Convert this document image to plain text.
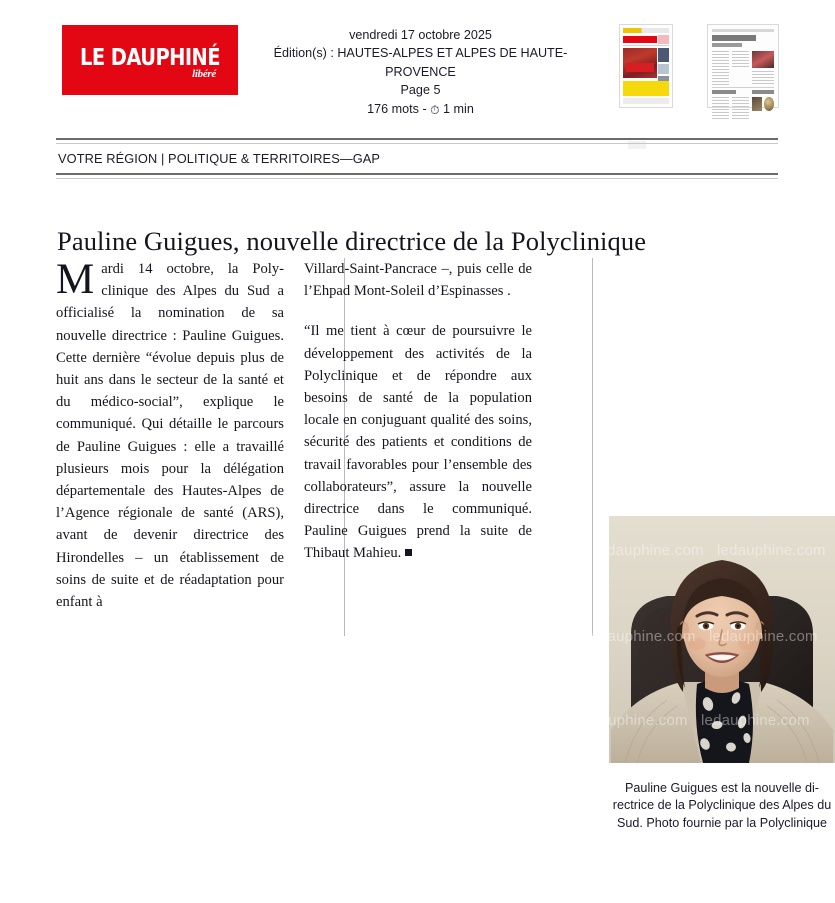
LE DAUPHINÉ
libéré
vendredi 17 octobre 2025
Édition(s) : HAUTES-ALPES ET ALPES DE HAUTE-PROVENCE
Page 5
176 mots - ⏱ 1 min
VOTRE RÉGION | POLITIQUE & TERRITOIRES—GAP
Pauline Guigues, nouvelle directrice de la Polyclinique

Mardi 14 octobre, la Polyclinique des Alpes du Sud a officialisé la nomination de sa nouvelle directrice : Pauline Guigues. Cette dernière “évolue depuis plus de huit ans dans le secteur de la santé et du médico-social”, explique le communiqué. Qui détaille le parcours de Pauline Guigues : elle a travaillé plusieurs mois pour la délégation départementale des Hautes-Alpes de l’Agence régionale de santé (ARS), avant de devenir directrice des Hirondelles – un établissement de soins de suite et de réadaptation pour enfant à

Villard-Saint-Pancrace –, puis celle de l’Ehpad Mont-Soleil d’Espinasses .

“Il me tient à cœur de poursuivre le développement des activités de la Polyclinique et de répondre aux besoins de santé de la population locale en conjuguant qualité des soins, sécurité des patients et conditions de travail favorables pour l’ensemble des collaborateurs”, assure la nouvelle directrice dans le communiqué. Pauline Guigues prend la suite de Thibaut Mahieu.	ledauphine.com ledauphine.com
ledauphine.com ledauphine.com
ledauphine.com ledauphine.com
Pauline Guigues est la nouvelle directrice de la Polyclinique des Alpes du Sud. Photo fournie par la Polyclinique
